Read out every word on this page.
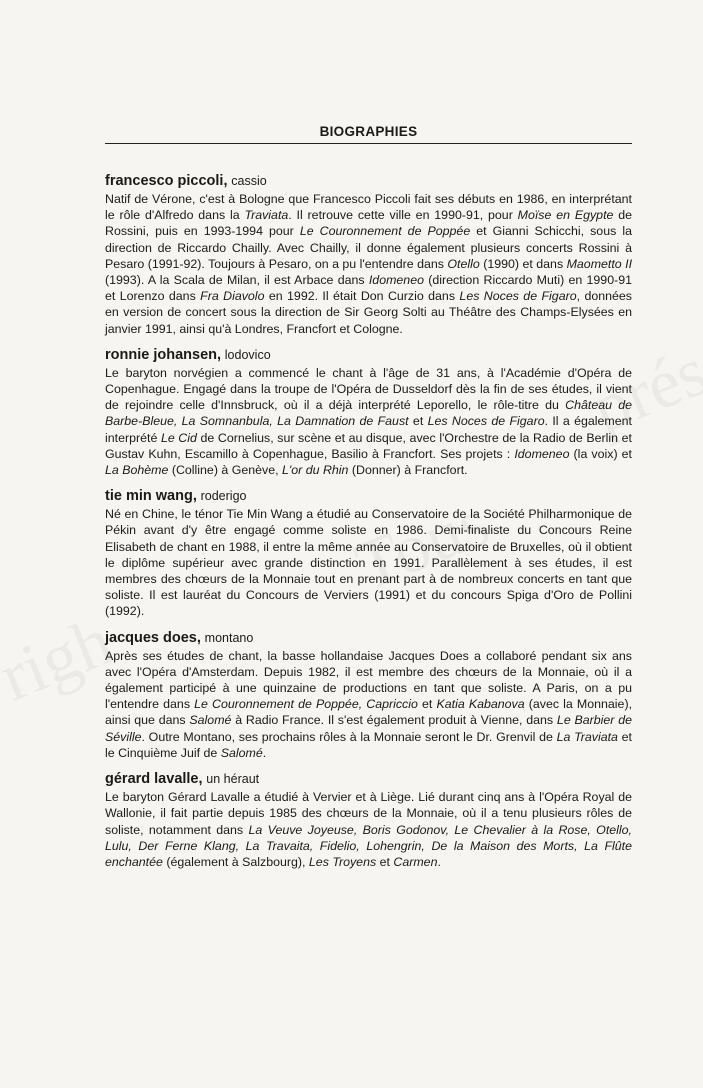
BIOGRAPHIES
francesco piccoli, cassio
Natif de Vérone, c'est à Bologne que Francesco Piccoli fait ses débuts en 1986, en interprétant le rôle d'Alfredo dans la Traviata. Il retrouve cette ville en 1990-91, pour Moïse en Egypte de Rossini, puis en 1993-1994 pour Le Couronnement de Poppée et Gianni Schicchi, sous la direction de Riccardo Chailly. Avec Chailly, il donne également plusieurs concerts Rossini à Pesaro (1991-92). Toujours à Pesaro, on a pu l'entendre dans Otello (1990) et dans Maometto II (1993). A la Scala de Milan, il est Arbace dans Idomeneo (direction Riccardo Muti) en 1990-91 et Lorenzo dans Fra Diavolo en 1992. Il était Don Curzio dans Les Noces de Figaro, données en version de concert sous la direction de Sir Georg Solti au Théâtre des Champs-Elysées en janvier 1991, ainsi qu'à Londres, Francfort et Cologne.
ronnie johansen, lodovico
Le baryton norvégien a commencé le chant à l'âge de 31 ans, à l'Académie d'Opéra de Copenhague. Engagé dans la troupe de l'Opéra de Dusseldorf dès la fin de ses études, il vient de rejoindre celle d'Innsbruck, où il a déjà interprété Leporello, le rôle-titre du Château de Barbe-Bleue, La Somnanbula, La Damnation de Faust et Les Noces de Figaro. Il a également interprété Le Cid de Cornelius, sur scène et au disque, avec l'Orchestre de la Radio de Berlin et Gustav Kuhn, Escamillo à Copenhague, Basilio à Francfort. Ses projets : Idomeneo (la voix) et La Bohème (Colline) à Genève, L'or du Rhin (Donner) à Francfort.
tie min wang, roderigo
Né en Chine, le ténor Tie Min Wang a étudié au Conservatoire de la Société Philharmonique de Pékin avant d'y être engagé comme soliste en 1986. Demi-finaliste du Concours Reine Elisabeth de chant en 1988, il entre la même année au Conservatoire de Bruxelles, où il obtient le diplôme supérieur avec grande distinction en 1991. Parallèlement à ses études, il est membres des chœurs de la Monnaie tout en prenant part à de nombreux concerts en tant que soliste. Il est lauréat du Concours de Verviers (1991) et du concours Spiga d'Oro de Pollini (1992).
jacques does, montano
Après ses études de chant, la basse hollandaise Jacques Does a collaboré pendant six ans avec l'Opéra d'Amsterdam. Depuis 1982, il est membre des chœurs de la Monnaie, où il a également participé à une quinzaine de productions en tant que soliste. A Paris, on a pu l'entendre dans Le Couronnement de Poppée, Capriccio et Katia Kabanova (avec la Monnaie), ainsi que dans Salomé à Radio France. Il s'est également produit à Vienne, dans Le Barbier de Séville. Outre Montano, ses prochains rôles à la Monnaie seront le Dr. Grenvil de La Traviata et le Cinquième Juif de Salomé.
gérard lavalle, un héraut
Le baryton Gérard Lavalle a étudié à Vervier et à Liège. Lié durant cinq ans à l'Opéra Royal de Wallonie, il fait partie depuis 1985 des chœurs de la Monnaie, où il a tenu plusieurs rôles de soliste, notamment dans La Veuve Joyeuse, Boris Godonov, Le Chevalier à la Rose, Otello, Lulu, Der Ferne Klang, La Travaita, Fidelio, Lohengrin, De la Maison des Morts, La Flûte enchantée (également à Salzbourg), Les Troyens et Carmen.
